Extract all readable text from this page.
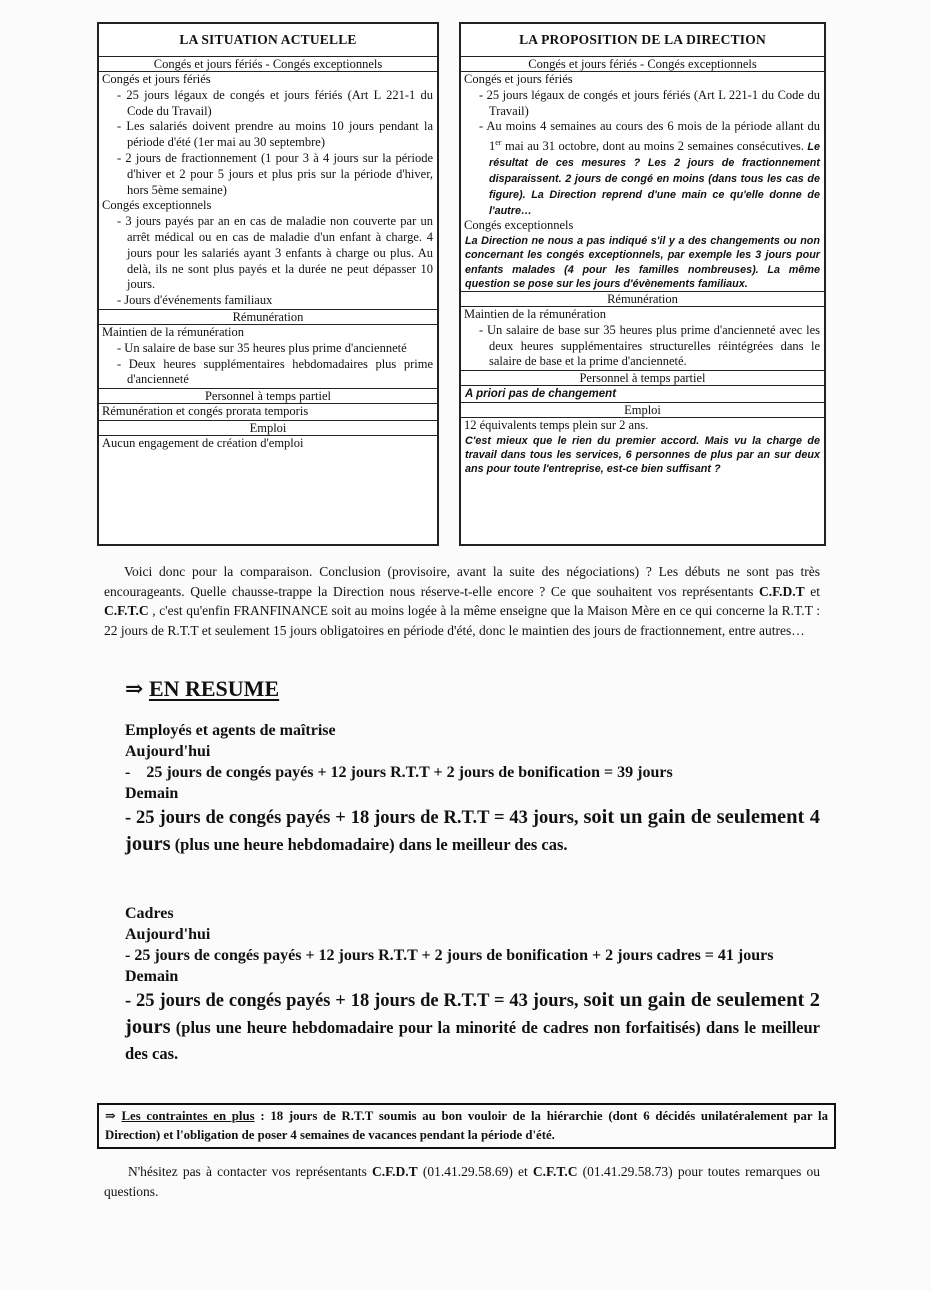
LA SITUATION ACTUELLE
Congés et jours fériés - Congés exceptionnels
Congés et jours fériés
- 25 jours légaux de congés et jours fériés (Art L 221-1 du Code du Travail)
- Les salariés doivent prendre au moins 10 jours pendant la période d'été (1er mai au 30 septembre)
- 2 jours de fractionnement (1 pour 3 à 4 jours sur la période d'hiver et 2 pour 5 jours et plus pris sur la période d'hiver, hors 5ème semaine)
Congés exceptionnels
- 3 jours payés par an en cas de maladie non couverte par un arrêt médical ou en cas de maladie d'un enfant à charge. 4 jours pour les salariés ayant 3 enfants à charge ou plus. Au delà, ils ne sont plus payés et la durée ne peut dépasser 10 jours.
- Jours d'événements familiaux
Rémunération
Maintien de la rémunération
- Un salaire de base sur 35 heures plus prime d'ancienneté
- Deux heures supplémentaires hebdomadaires plus prime d'ancienneté
Personnel à temps partiel
Rémunération et congés prorata temporis
Emploi
Aucun engagement de création d'emploi
LA PROPOSITION DE LA DIRECTION
Congés et jours fériés - Congés exceptionnels
Congés et jours fériés
- 25 jours légaux de congés et jours fériés (Art L 221-1 du Code du Travail)
- Au moins 4 semaines au cours des 6 mois de la période allant du 1er mai au 31 octobre, dont au moins 2 semaines consécutives. Le résultat de ces mesures ? Les 2 jours de fractionnement disparaissent. 2 jours de congé en moins (dans tous les cas de figure). La Direction reprend d'une main ce qu'elle donne de l'autre…
Congés exceptionnels
La Direction ne nous a pas indiqué s'il y a des changements ou non concernant les congés exceptionnels, par exemple les 3 jours pour enfants malades (4 pour les familles nombreuses). La même question se pose sur les jours d'évènements familiaux.
Rémunération
Maintien de la rémunération
- Un salaire de base sur 35 heures plus prime d'ancienneté avec les deux heures supplémentaires structurelles réintégrées dans le salaire de base et la prime d'ancienneté.
Personnel à temps partiel
A priori pas de changement
Emploi
12 équivalents temps plein sur 2 ans.
C'est mieux que le rien du premier accord. Mais vu la charge de travail dans tous les services, 6 personnes de plus par an sur deux ans pour toute l'entreprise, est-ce bien suffisant ?
Voici donc pour la comparaison. Conclusion (provisoire, avant la suite des négociations) ? Les débuts ne sont pas très encourageants. Quelle chausse-trappe la Direction nous réserve-t-elle encore ? Ce que souhaitent vos représentants C.F.D.T et C.F.T.C , c'est qu'enfin FRANFINANCE soit au moins logée à la même enseigne que la Maison Mère en ce qui concerne la R.T.T : 22 jours de R.T.T et seulement 15 jours obligatoires en période d'été, donc le maintien des jours de fractionnement, entre autres…
⇒ EN RESUME
Employés et agents de maîtrise
Aujourd'hui
-    25 jours de congés payés + 12 jours R.T.T + 2 jours de bonification = 39 jours
Demain
- 25 jours de congés payés + 18 jours de R.T.T = 43 jours, soit un gain de seulement 4 jours (plus une heure hebdomadaire) dans le meilleur des cas.
Cadres
Aujourd'hui
- 25 jours de congés payés + 12 jours R.T.T + 2 jours de bonification + 2 jours cadres = 41 jours
Demain
- 25 jours de congés payés + 18 jours de R.T.T = 43 jours, soit un gain de seulement 2 jours (plus une heure hebdomadaire pour la minorité de cadres non forfaitisés) dans le meilleur des cas.
⇒ Les contraintes en plus : 18 jours de R.T.T soumis au bon vouloir de la hiérarchie (dont 6 décidés unilatéralement par la Direction) et l'obligation de poser 4 semaines de vacances pendant la période d'été.
N'hésitez pas à contacter vos représentants C.F.D.T (01.41.29.58.69) et C.F.T.C (01.41.29.58.73) pour toutes remarques ou questions.
